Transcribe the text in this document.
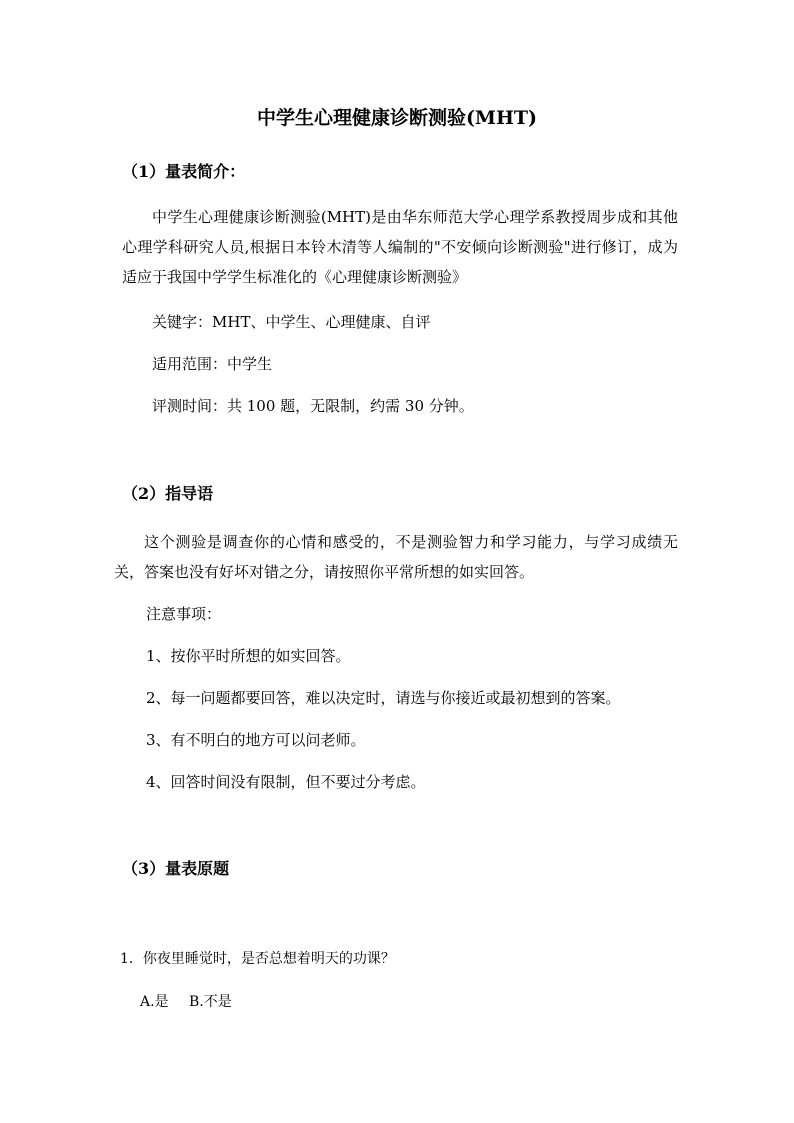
中学生心理健康诊断测验(MHT)
（1）量表简介：
中学生心理健康诊断测验(MHT)是由华东师范大学心理学系教授周步成和其他心理学科研究人员,根据日本铃木清等人编制的"不安倾向诊断测验"进行修订，成为适应于我国中学学生标准化的《心理健康诊断测验》
关键字：MHT、中学生、心理健康、自评
适用范围：中学生
评测时间：共 100 题，无限制，约需 30 分钟。
（2）指导语
这个测验是调查你的心情和感受的，不是测验智力和学习能力，与学习成绩无关，答案也没有好坏对错之分，请按照你平常所想的如实回答。
注意事项：
1、按你平时所想的如实回答。
2、每一问题都要回答，难以决定时，请选与你接近或最初想到的答案。
3、有不明白的地方可以问老师。
4、回答时间没有限制，但不要过分考虑。
（3）量表原题
1．你夜里睡觉时，是否总想着明天的功课？
A.是 B.不是
